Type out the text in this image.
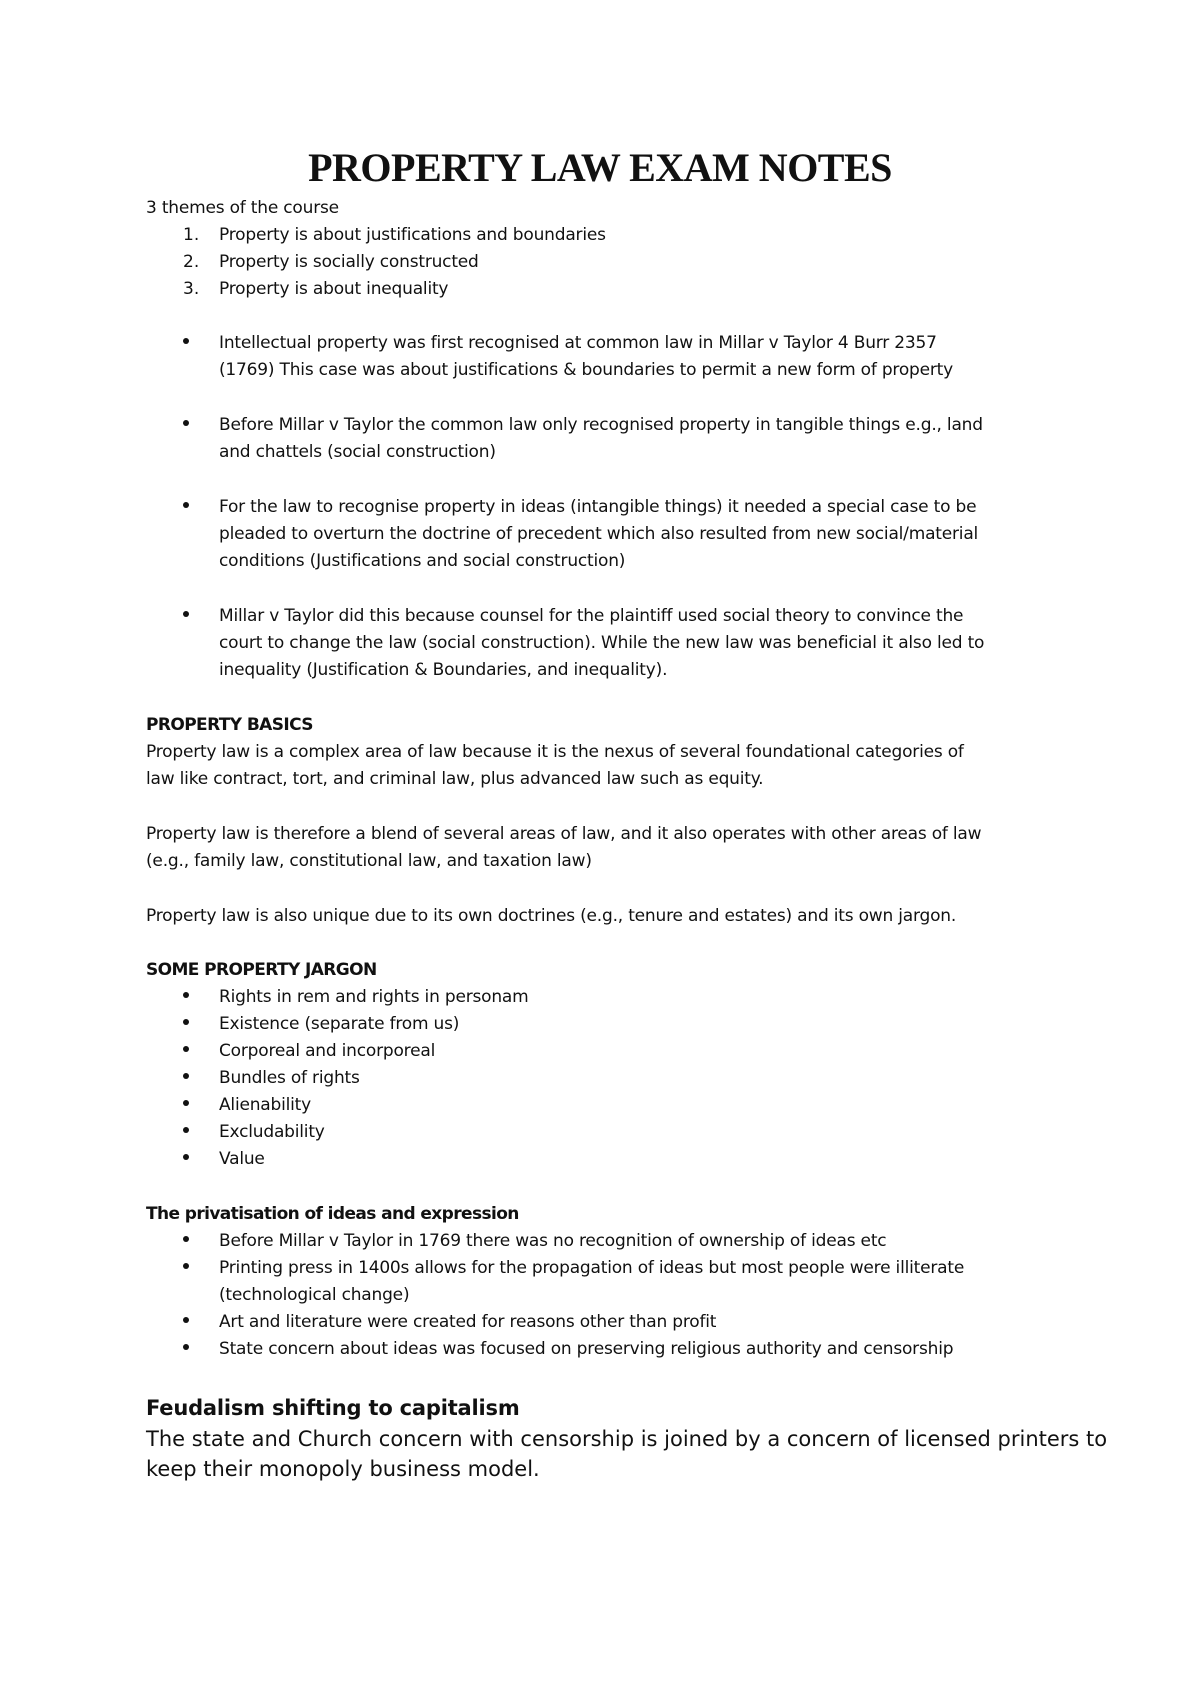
PROPERTY LAW EXAM NOTES
3 themes of the course
1. Property is about justifications and boundaries
2. Property is socially constructed
3. Property is about inequality
Intellectual property was first recognised at common law in Millar v Taylor 4 Burr 2357
(1769) This case was about justifications & boundaries to permit a new form of property
Before Millar v Taylor the common law only recognised property in tangible things e.g., land
and chattels (social construction)
For the law to recognise property in ideas (intangible things) it needed a special case to be
pleaded to overturn the doctrine of precedent which also resulted from new social/material
conditions (Justifications and social construction)
Millar v Taylor did this because counsel for the plaintiff used social theory to convince the
court to change the law (social construction). While the new law was beneficial it also led to
inequality (Justification & Boundaries, and inequality).
PROPERTY BASICS
Property law is a complex area of law because it is the nexus of several foundational categories of
law like contract, tort, and criminal law, plus advanced law such as equity.
Property law is therefore a blend of several areas of law, and it also operates with other areas of law
(e.g., family law, constitutional law, and taxation law)
Property law is also unique due to its own doctrines (e.g., tenure and estates) and its own jargon.
SOME PROPERTY JARGON
Rights in rem and rights in personam
Existence (separate from us)
Corporeal and incorporeal
Bundles of rights
Alienability
Excludability
Value
The privatisation of ideas and expression
Before Millar v Taylor in 1769 there was no recognition of ownership of ideas etc
Printing press in 1400s allows for the propagation of ideas but most people were illiterate
(technological change)
Art and literature were created for reasons other than profit
State concern about ideas was focused on preserving religious authority and censorship
Feudalism shifting to capitalism
The state and Church concern with censorship is joined by a concern of licensed printers to
keep their monopoly business model.
